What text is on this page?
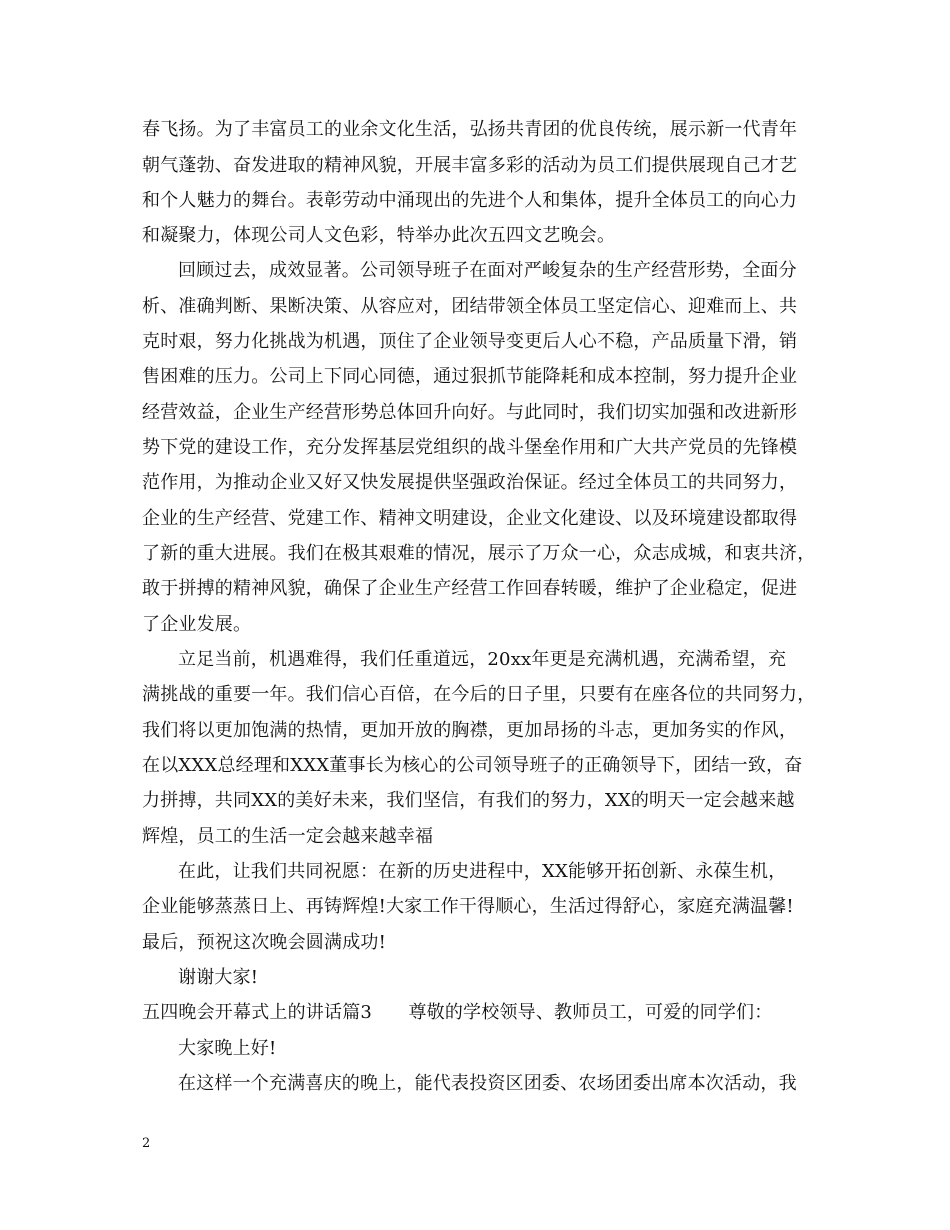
春飞扬。为了丰富员工的业余文化生活，弘扬共青团的优良传统，展示新一代青年
朝气蓬勃、奋发进取的精神风貌，开展丰富多彩的活动为员工们提供展现自己才艺
和个人魅力的舞台。表彰劳动中涌现出的先进个人和集体，提升全体员工的向心力
和凝聚力，体现公司人文色彩，特举办此次五四文艺晚会。
回顾过去，成效显著。公司领导班子在面对严峻复杂的生产经营形势，全面分
析、准确判断、果断决策、从容应对，团结带领全体员工坚定信心、迎难而上、共
克时艰，努力化挑战为机遇，顶住了企业领导变更后人心不稳，产品质量下滑，销
售困难的压力。公司上下同心同德，通过狠抓节能降耗和成本控制，努力提升企业
经营效益，企业生产经营形势总体回升向好。与此同时，我们切实加强和改进新形
势下党的建设工作，充分发挥基层党组织的战斗堡垒作用和广大共产党员的先锋模
范作用，为推动企业又好又快发展提供坚强政治保证。经过全体员工的共同努力，
企业的生产经营、党建工作、精神文明建设，企业文化建设、以及环境建设都取得
了新的重大进展。我们在极其艰难的情况，展示了万众一心，众志成城，和衷共济，
敢于拼搏的精神风貌，确保了企业生产经营工作回春转暖，维护了企业稳定，促进
了企业发展。
立足当前，机遇难得，我们任重道远，20xx年更是充满机遇，充满希望，充
满挑战的重要一年。我们信心百倍，在今后的日子里，只要有在座各位的共同努力，
我们将以更加饱满的热情，更加开放的胸襟，更加昂扬的斗志，更加务实的作风，
在以XXX总经理和XXX董事长为核心的公司领导班子的正确领导下，团结一致，奋
力拼搏，共同XX的美好未来，我们坚信，有我们的努力，XX的明天一定会越来越
辉煌，员工的生活一定会越来越幸福
在此，让我们共同祝愿：在新的历史进程中，XX能够开拓创新、永葆生机，
企业能够蒸蒸日上、再铸辉煌!大家工作干得顺心，生活过得舒心，家庭充满温馨!
最后，预祝这次晚会圆满成功!
谢谢大家!
五四晚会开幕式上的讲话篇3　　尊敬的学校领导、教师员工，可爱的同学们：
大家晚上好!
在这样一个充满喜庆的晚上，能代表投资区团委、农场团委出席本次活动，我
2
